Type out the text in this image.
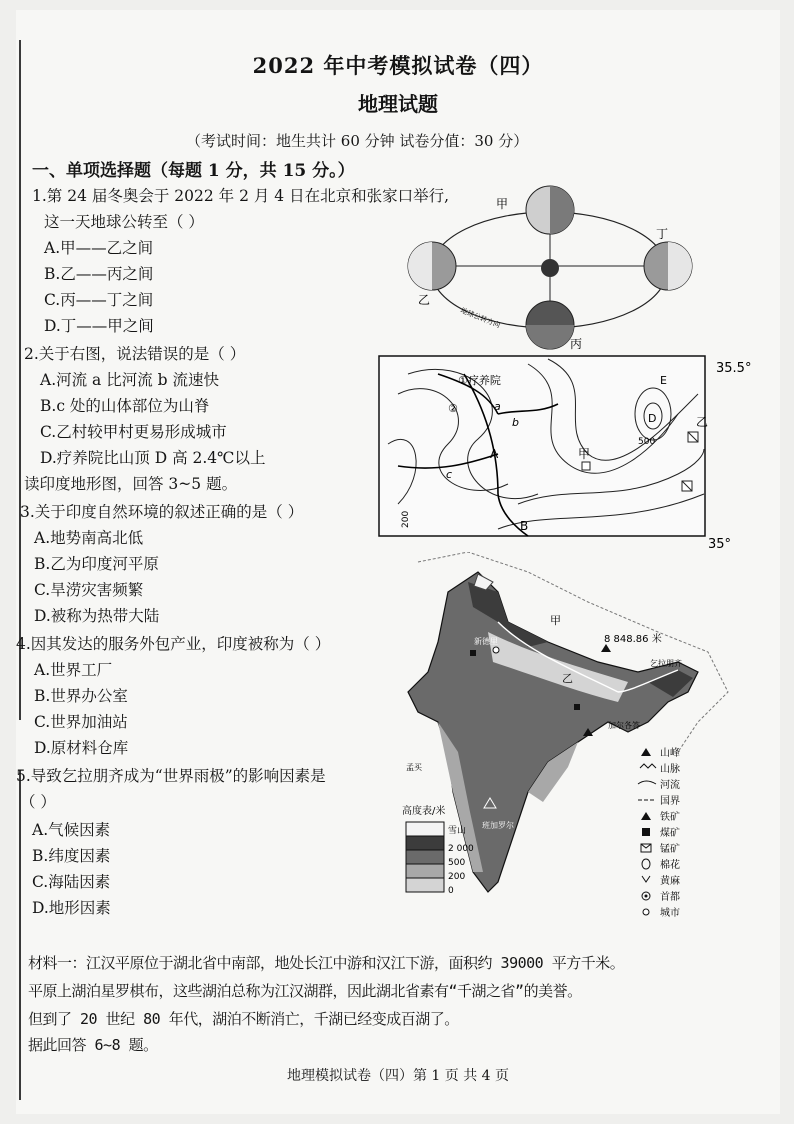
2022 年中考模拟试卷（四）
地理试题
（考试时间：地生共计 60 分钟 试卷分值：30 分）
一、单项选择题（每题 1 分，共 15 分。）
1.第 24 届冬奥会于 2022 年 2 月 4 日在北京和张家口举行,
这一天地球公转至（ ）
A.甲——乙之间
B.乙——丙之间
C.丙——丁之间
D.丁——甲之间
甲
乙
丙
丁
地球公转方向
2.关于右图，说法错误的是（ ）
A.河流 a 比河流 b 流速快
B.c 处的山体部位为山脊
C.乙村较甲村更易形成城市
D.疗养院比山顶 D 高 2.4℃以上
读印度地形图，回答 3~5 题。
①疗养院
②	a
b
c
A
B
D
E
甲
乙
500
200
35.5°
35°
3.关于印度自然环境的叙述正确的是（ ）
A.地势南高北低
B.乙为印度河平原
C.旱涝灾害频繁
D.被称为热带大陆
4.因其发达的服务外包产业，印度被称为（ ）
A.世界工厂
B.世界办公室
C.世界加油站
D.原材料仓库
5.导致乞拉朋齐成为“世界雨极”的影响因素是
（ ）
A.气候因素
B.纬度因素
C.海陆因素
D.地形因素
甲
乙
8 848.86 米
新德里
乞拉朋齐
加尔各答
孟买
班加罗尔
高度表/米
雪山
2 000
500
200
0
山峰
山脉
河流
国界
铁矿
煤矿
锰矿
棉花
黄麻
首都
城市
材料一：江汉平原位于湖北省中南部，地处长江中游和汉江下游，面积约 39000 平方千米。
平原上湖泊星罗棋布，这些湖泊总称为江汉湖群，因此湖北省素有“千湖之省”的美誉。
但到了 20 世纪 80 年代，湖泊不断消亡，千湖已经变成百湖了。
据此回答 6~8 题。
地理模拟试卷（四）第 1 页 共 4 页
